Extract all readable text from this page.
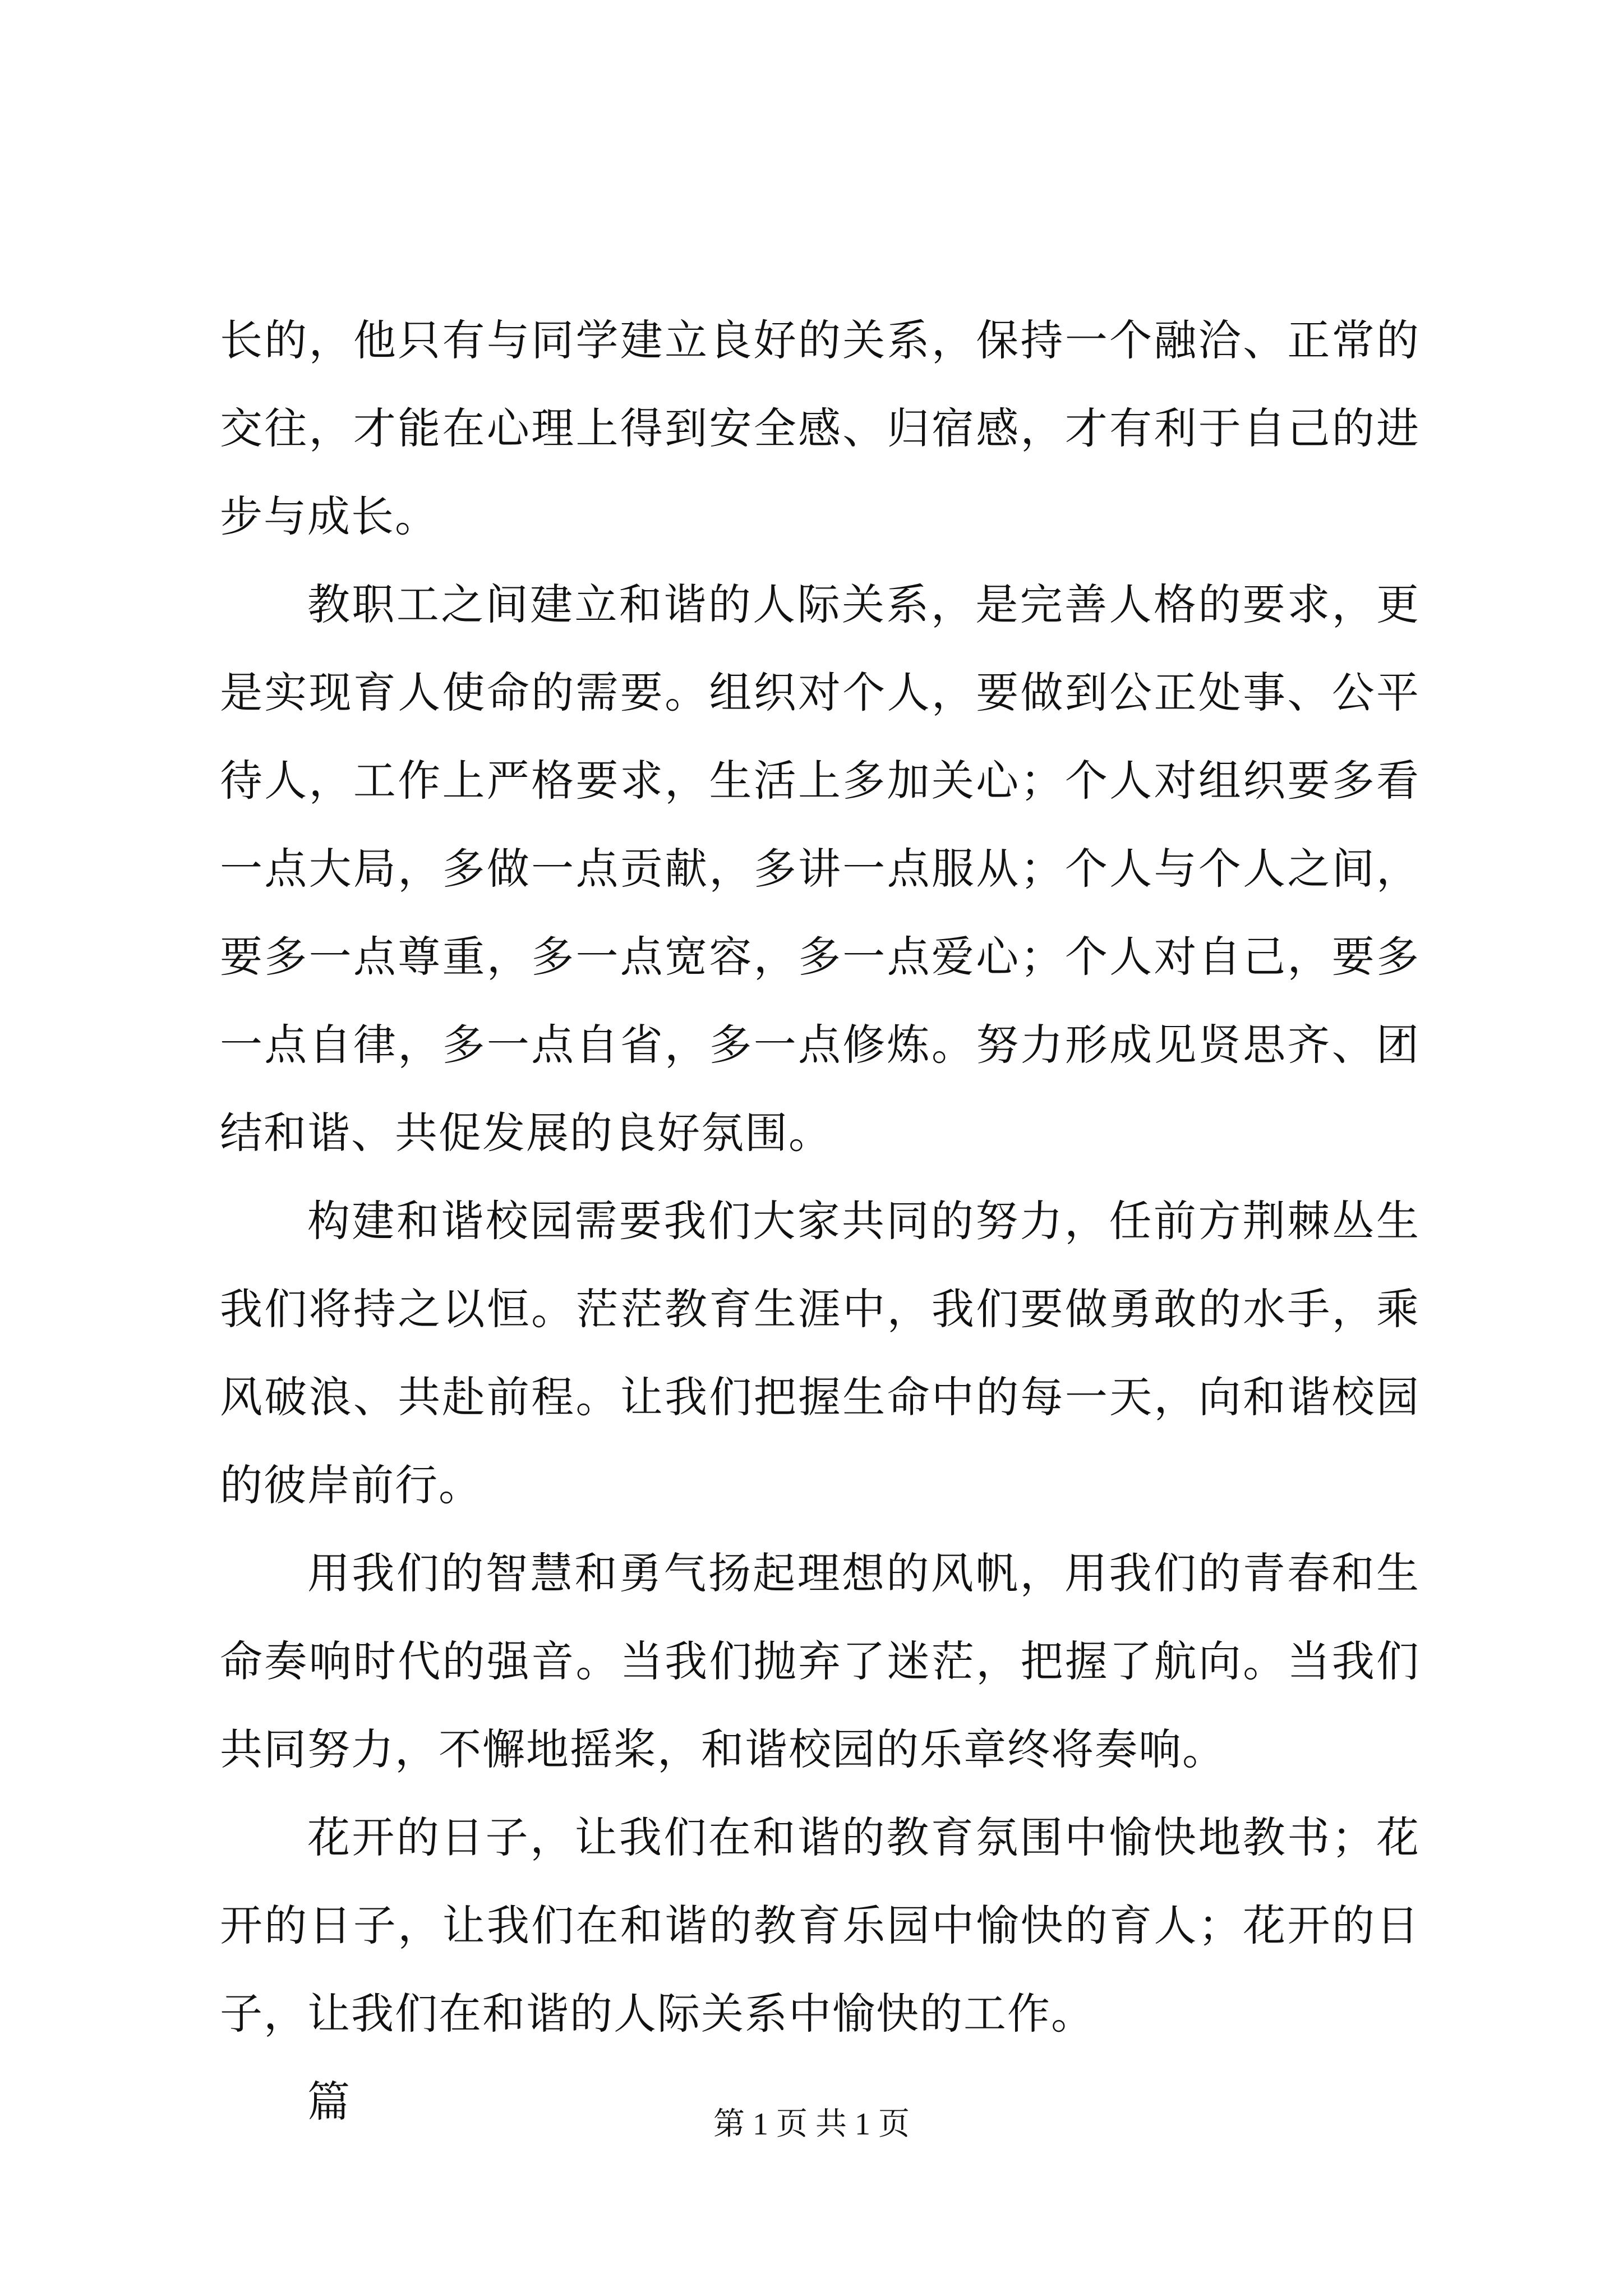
长的，他只有与同学建立良好的关系，保持一个融洽、正常的交往，才能在心理上得到安全感、归宿感，才有利于自己的进步与成长。

教职工之间建立和谐的人际关系，是完善人格的要求，更是实现育人使命的需要。组织对个人，要做到公正处事、公平待人，工作上严格要求，生活上多加关心；个人对组织要多看一点大局，多做一点贡献，多讲一点服从；个人与个人之间，要多一点尊重，多一点宽容，多一点爱心；个人对自己，要多一点自律，多一点自省，多一点修炼。努力形成见贤思齐、团结和谐、共促发展的良好氛围。

构建和谐校园需要我们大家共同的努力，任前方荆棘丛生我们将持之以恒。茫茫教育生涯中，我们要做勇敢的水手，乘风破浪、共赴前程。让我们把握生命中的每一天，向和谐校园的彼岸前行。

用我们的智慧和勇气扬起理想的风帆，用我们的青春和生命奏响时代的强音。当我们抛弃了迷茫，把握了航向。当我们共同努力，不懈地摇桨，和谐校园的乐章终将奏响。

花开的日子，让我们在和谐的教育氛围中愉快地教书；花开的日子，让我们在和谐的教育乐园中愉快的育人；花开的日子，让我们在和谐的人际关系中愉快的工作。

篇	第 1 页 共 1 页
